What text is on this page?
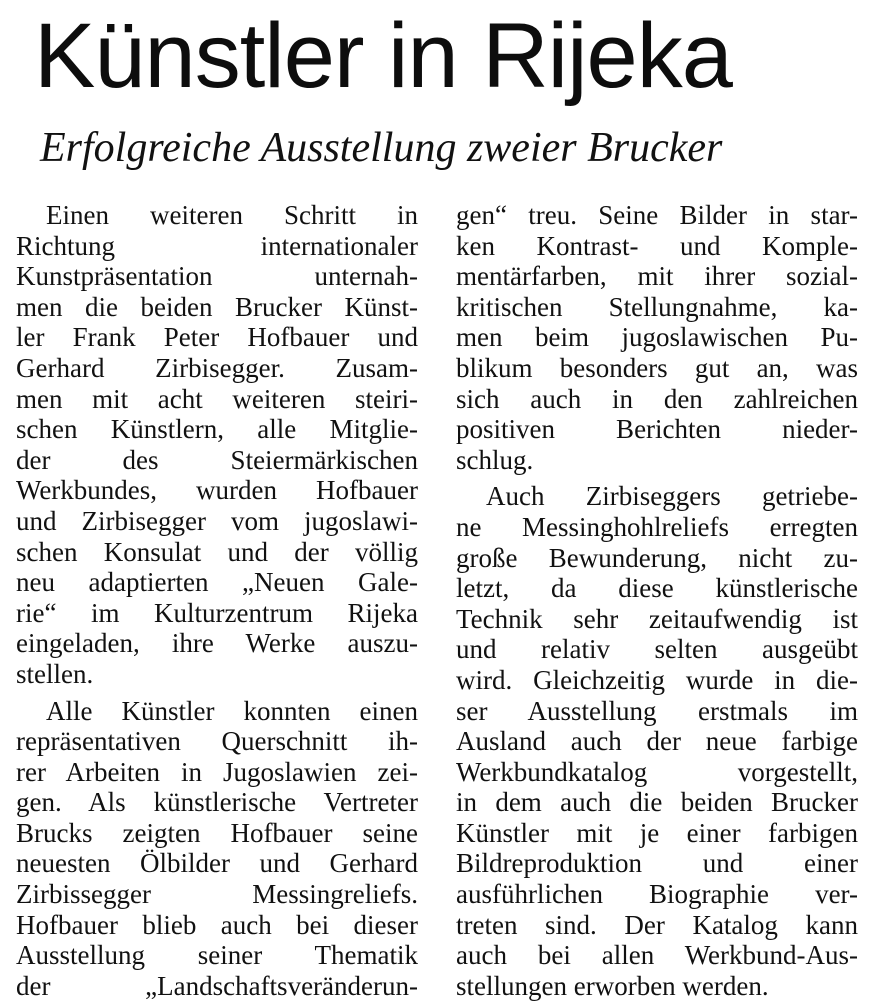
Künstler in Rijeka
Erfolgreiche Ausstellung zweier Brucker
Einen weiteren Schritt in
Richtung internationaler
Kunstpräsentation unternah-
men die beiden Brucker Künst-
ler Frank Peter Hofbauer und
Gerhard Zirbisegger. Zusam-
men mit acht weiteren steiri-
schen Künstlern, alle Mitglie-
der des Steiermärkischen
Werkbundes, wurden Hofbauer
und Zirbisegger vom jugoslawi-
schen Konsulat und der völlig
neu adaptierten „Neuen Gale-
rie“ im Kulturzentrum Rijeka
eingeladen, ihre Werke auszu-
stellen.
Alle Künstler konnten einen
repräsentativen Querschnitt ih-
rer Arbeiten in Jugoslawien zei-
gen. Als künstlerische Vertreter
Brucks zeigten Hofbauer seine
neuesten Ölbilder und Gerhard
Zirbissegger Messingreliefs.
Hofbauer blieb auch bei dieser
Ausstellung seiner Thematik
der „Landschaftsveränderun-
gen“ treu. Seine Bilder in star-
ken Kontrast- und Komple-
mentärfarben, mit ihrer sozial-
kritischen Stellungnahme, ka-
men beim jugoslawischen Pu-
blikum besonders gut an, was
sich auch in den zahlreichen
positiven Berichten nieder-
schlug.
Auch Zirbiseggers getriebe-
ne Messinghohlreliefs erregten
große Bewunderung, nicht zu-
letzt, da diese künstlerische
Technik sehr zeitaufwendig ist
und relativ selten ausgeübt
wird. Gleichzeitig wurde in die-
ser Ausstellung erstmals im
Ausland auch der neue farbige
Werkbundkatalog vorgestellt,
in dem auch die beiden Brucker
Künstler mit je einer farbigen
Bildreproduktion und einer
ausführlichen Biographie ver-
treten sind. Der Katalog kann
auch bei allen Werkbund-Aus-
stellungen erworben werden.
